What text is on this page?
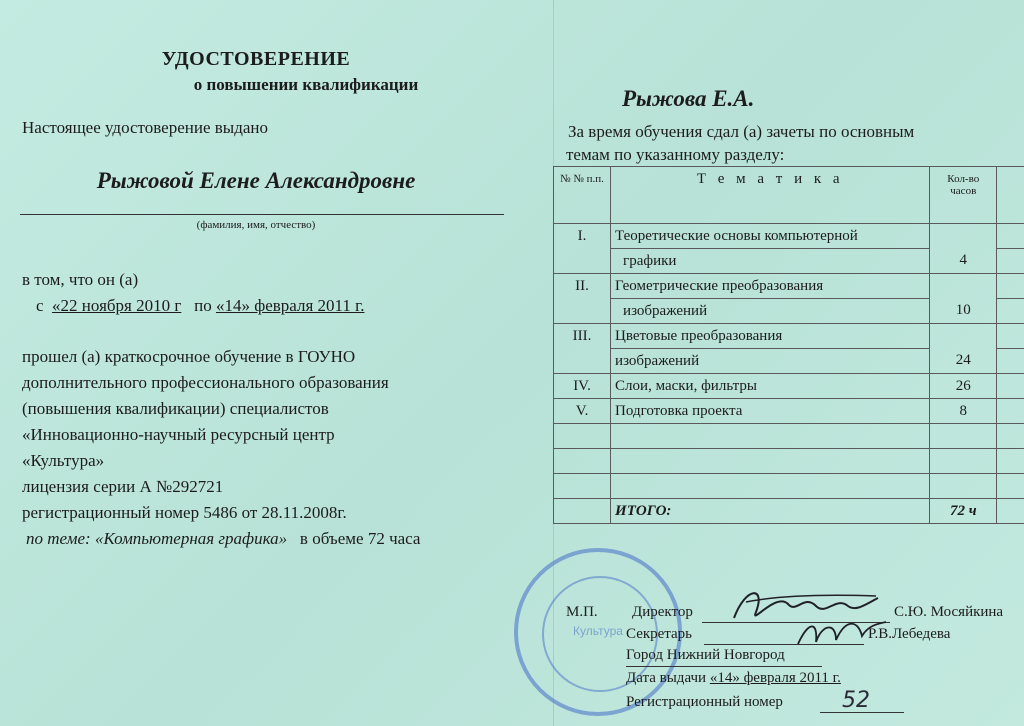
УДОСТОВЕРЕНИЕ
о повышении квалификации
Настоящее удостоверение выдано
Рыжовой Елене Александровне
(фамилия, имя, отчество)
в том, что он (а)
с «22 ноября 2010 г по «14» февраля 2011 г.
прошел (а) краткосрочное обучение в ГОУНО
дополнительного профессионального образования
(повышения квалификации) специалистов
«Инновационно-научный ресурсный центр
«Культура»
лицензия серии А №292721
регистрационный номер 5486 от 28.11.2008г.
по теме: «Компьютерная графика» в объеме 72 часа
Рыжова Е.А.
За время обучения сдал (а) зачеты по основным
темам по указанному разделу:
№ № п.п.	Т е м а т и к а	Кол-во часов	
I.	Теоретические основы компьютерной		
	графики	4	
II.	Геометрические преобразования		
	изображений	10	
III.	Цветовые преобразования		
	изображений	24	
IV.	Слои, маски, фильтры	26	
V.	Подготовка проекта	8	

	ИТОГО:	72 ч	
Культура
М.П. Директор	С.Ю. Мосяйкина
Секретарь	Р.В.Лебедева
Город Нижний Новгород
Дата выдачи «14» февраля 2011 г.
Регистрационный номер	52
